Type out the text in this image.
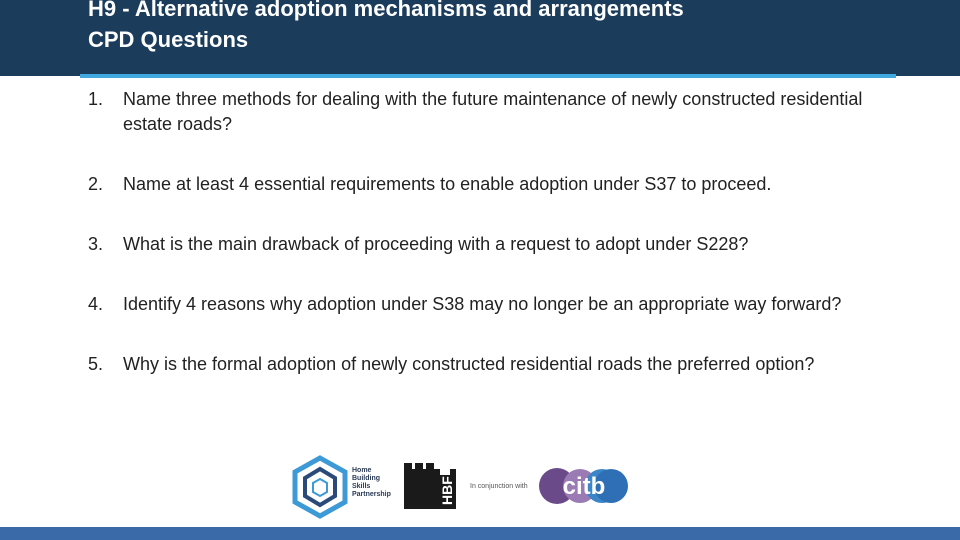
H9 - Alternative adoption mechanisms and arrangements
CPD Questions
1. Name three methods for dealing with the future maintenance of newly constructed residential estate roads?
2. Name at least 4 essential requirements to enable adoption under S37 to proceed.
3. What is the main drawback of proceeding with a request to adopt under S228?
4. Identify 4 reasons why adoption under S38 may no longer be an appropriate way forward?
5. Why is the formal adoption of newly constructed residential roads the preferred option?
Home
Building
Skills
Partnership	HBF
HOME BUILDERS FEDERATION
In conjunction with citb
